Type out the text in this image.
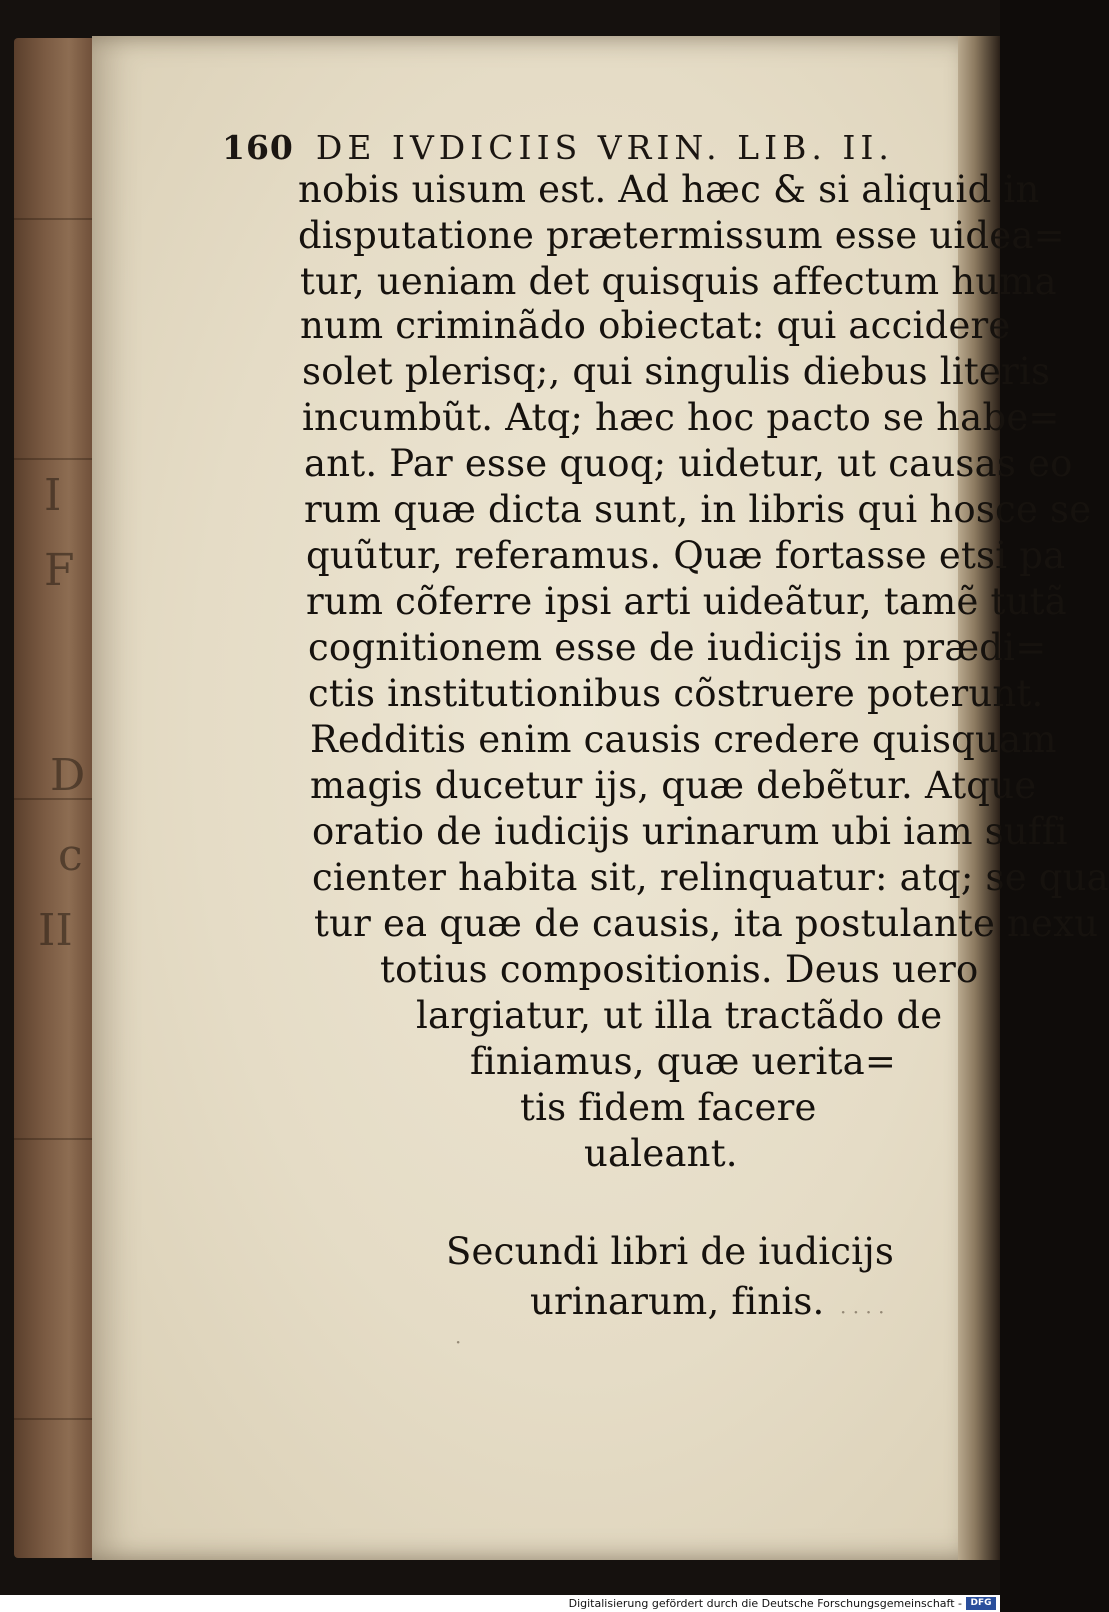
I
F
D
c
II
160 DE IVDICIIS VRIN. LIB. II.
nobis uisum est. Ad hæc & si aliquid in
disputatione prætermissum esse uidea=
tur, ueniam det quisquis affectum huma
num criminãdo obiectat: qui accidere
solet plerisq;, qui singulis diebus literis
incumbũt. Atq; hæc hoc pacto se habe=
ant. Par esse quoq; uidetur, ut causas eo
rum quæ dicta sunt, in libris qui hosce se
quũtur, referamus. Quæ fortasse etsi pa
rum cõferre ipsi arti uideãtur, tamẽ tutã
cognitionem esse de iudicijs in prædi=
ctis institutionibus cõstruere poterunt.
Redditis enim causis credere quisquam
magis ducetur ijs, quæ debẽtur. Atque
oratio de iudicijs urinarum ubi iam suffi
cienter habita sit, relinquatur: atq; se qua
tur ea quæ de causis, ita postulante nexu
totius compositionis. Deus uero
largiatur, ut illa tractãdo de
finiamus, quæ uerita=
tis fidem facere
ualeant.
Secundi libri de iudicijs
urinarum, finis. · · · ·
·
Digitalisierung gefördert durch die Deutsche Forschungsgemeinschaft - DFG
